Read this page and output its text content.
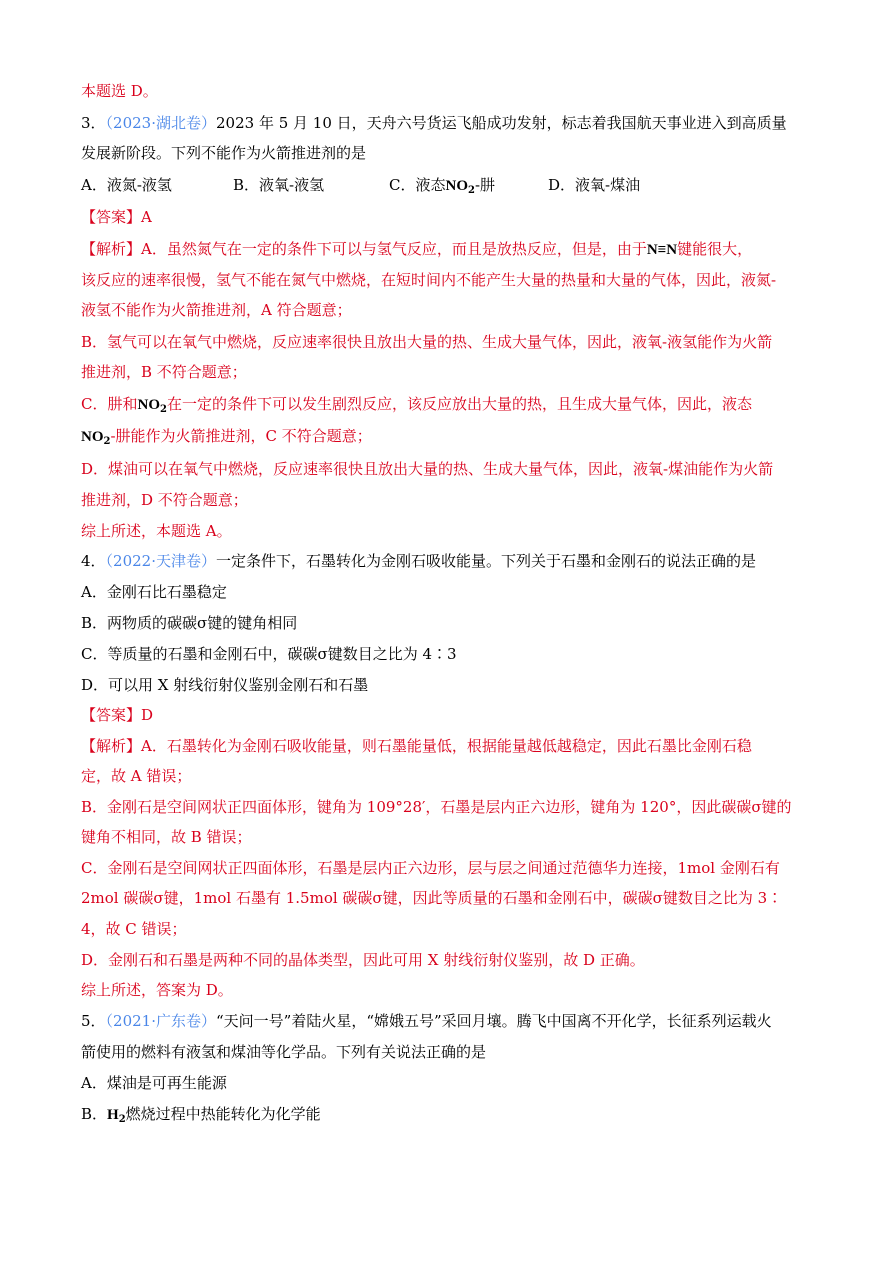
本题选 D。
3．（2023·湖北卷）2023 年 5 月 10 日，天舟六号货运飞船成功发射，标志着我国航天事业进入到高质量
发展新阶段。下列不能作为火箭推进剂的是
A．液氮-液氢	B．液氧-液氢	C．液态$NO_2-$肼	D．液氧-煤油
【答案】A
【解析】A．虽然氮气在一定的条件下可以与氢气反应，而且是放热反应，但是，由于N≡N键能很大，
该反应的速率很慢，氢气不能在氮气中燃烧，在短时间内不能产生大量的热量和大量的气体，因此，液氮-
液氢不能作为火箭推进剂，A 符合题意；
B．氢气可以在氧气中燃烧，反应速率很快且放出大量的热、生成大量气体，因此，液氧-液氢能作为火箭
推进剂，B 不符合题意；
C．肼和$NO_2$在一定的条件下可以发生剧烈反应，该反应放出大量的热，且生成大量气体，因此，液态
$NO_2-$肼能作为火箭推进剂，C 不符合题意；
D．煤油可以在氧气中燃烧，反应速率很快且放出大量的热、生成大量气体，因此，液氧-煤油能作为火箭
推进剂，D 不符合题意；
综上所述，本题选 A。
4．（2022·天津卷）一定条件下，石墨转化为金刚石吸收能量。下列关于石墨和金刚石的说法正确的是
A．金刚石比石墨稳定
B．两物质的碳碳σ键的键角相同
C．等质量的石墨和金刚石中，碳碳σ键数目之比为 4∶3
D．可以用 X 射线衍射仪鉴别金刚石和石墨
【答案】D
【解析】A．石墨转化为金刚石吸收能量，则石墨能量低，根据能量越低越稳定，因此石墨比金刚石稳
定，故 A 错误；
B．金刚石是空间网状正四面体形，键角为 109°28′，石墨是层内正六边形，键角为 120°，因此碳碳σ键的
键角不相同，故 B 错误；
C．金刚石是空间网状正四面体形，石墨是层内正六边形，层与层之间通过范德华力连接，1mol 金刚石有
2mol 碳碳σ键，1mol 石墨有 1.5mol 碳碳σ键，因此等质量的石墨和金刚石中，碳碳σ键数目之比为 3∶
4，故 C 错误；
D．金刚石和石墨是两种不同的晶体类型，因此可用 X 射线衍射仪鉴别，故 D 正确。
综上所述，答案为 D。
5．（2021·广东卷）“天问一号”着陆火星，“嫦娥五号”采回月壤。腾飞中国离不开化学，长征系列运载火
箭使用的燃料有液氢和煤油等化学品。下列有关说法正确的是
A．煤油是可再生能源
B．$H_2$燃烧过程中热能转化为化学能
